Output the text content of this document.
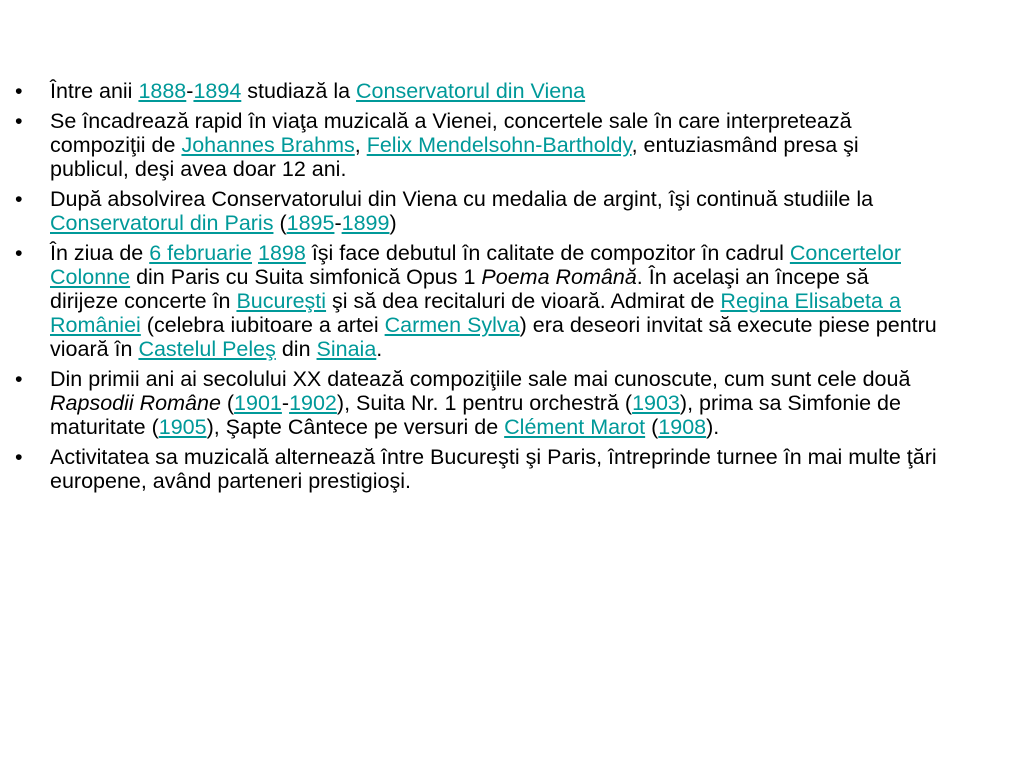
• Între anii 1888-1894 studiază la Conservatorul din Viena
• Se încadrează rapid în viaţa muzicală a Vienei, concertele sale în care interpretează compoziţii de Johannes Brahms, Felix Mendelsohn-Bartholdy, entuziasmând presa şi publicul, deşi avea doar 12 ani.
• După absolvirea Conservatorului din Viena cu medalia de argint, îşi continuă studiile la Conservatorul din Paris (1895-1899)
• În ziua de 6 februarie 1898 îşi face debutul în calitate de compozitor în cadrul Concertelor Colonne din Paris cu Suita simfonică Opus 1 Poema Română. În acelaşi an începe să dirijeze concerte în Bucureşti şi să dea recitaluri de vioară. Admirat de Regina Elisabeta a României (celebra iubitoare a artei Carmen Sylva) era deseori invitat să execute piese pentru vioară în Castelul Peleş din Sinaia.
• Din primii ani ai secolului XX datează compoziţiile sale mai cunoscute, cum sunt cele două Rapsodii Române (1901-1902), Suita Nr. 1 pentru orchestră (1903), prima sa Simfonie de maturitate (1905), Şapte Cântece pe versuri de Clément Marot (1908).
• Activitatea sa muzicală alternează între Bucureşti şi Paris, întreprinde turnee în mai multe ţări europene, având parteneri prestigioşi.
